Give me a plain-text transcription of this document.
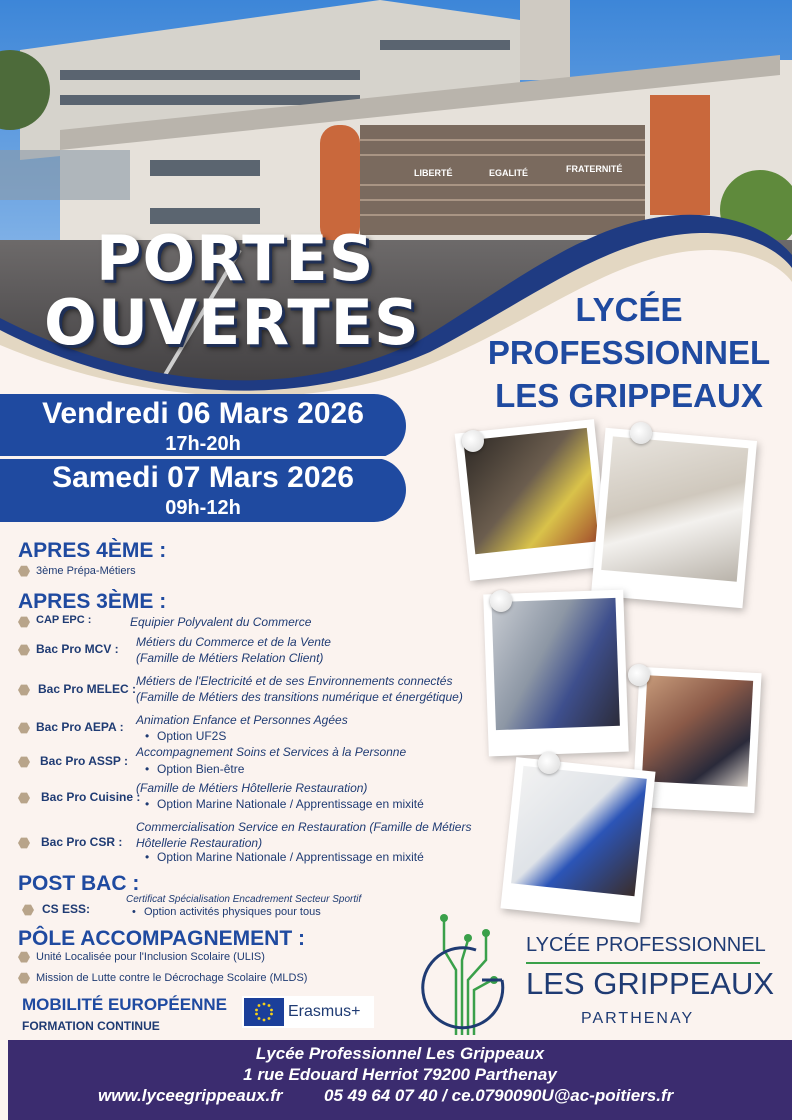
LIBERTÉ	EGALITÉ	FRATERNITÉ
PORTES
OUVERTES	LYCÉE
PROFESSIONNEL
LES GRIPPEAUX
Vendredi 06 Mars 2026
17h-20h
Samedi 07 Mars 2026
09h-12h
APRES 4ÈME :
3ème Prépa-Métiers
APRES 3ÈME :
CAP EPC :	Equipier Polyvalent du Commerce
Bac Pro MCV : Métiers du Commerce et de la Vente
(Famille de Métiers Relation Client)
Bac Pro MELEC :
Métiers de l'Electricité et de ses Environnements connectés
(Famille de Métiers des transitions numérique et énergétique)
Bac Pro AEPA : Animation Enfance et Personnes Agées
• Option UF2S
Bac Pro ASSP :
Accompagnement Soins et Services à la Personne
• Option Bien-être
Bac Pro Cuisine :
(Famille de Métiers Hôtellerie Restauration)
• Option Marine Nationale / Apprentissage en mixité
Bac Pro CSR :
Commercialisation Service en Restauration (Famille de Métiers
Hôtellerie Restauration)
• Option Marine Nationale / Apprentissage en mixité
POST BAC :
CS ESS:
Certificat Spécialisation Encadrement Secteur Sportif
• Option activités physiques pour tous
PÔLE ACCOMPAGNEMENT :
Unité Localisée pour l'Inclusion Scolaire (ULIS)
Mission de Lutte contre le Décrochage Scolaire (MLDS)
MOBILITÉ EUROPÉENNE
FORMATION CONTINUE
Erasmus+
LYCÉE PROFESSIONNEL
LES GRIPPEAUX
PARTHENAY
Lycée Professionnel Les Grippeaux
1 rue Edouard Herriot 79200 Parthenay
www.lyceegrippeaux.fr 05 49 64 07 40 / ce.0790090U@ac-poitiers.fr
